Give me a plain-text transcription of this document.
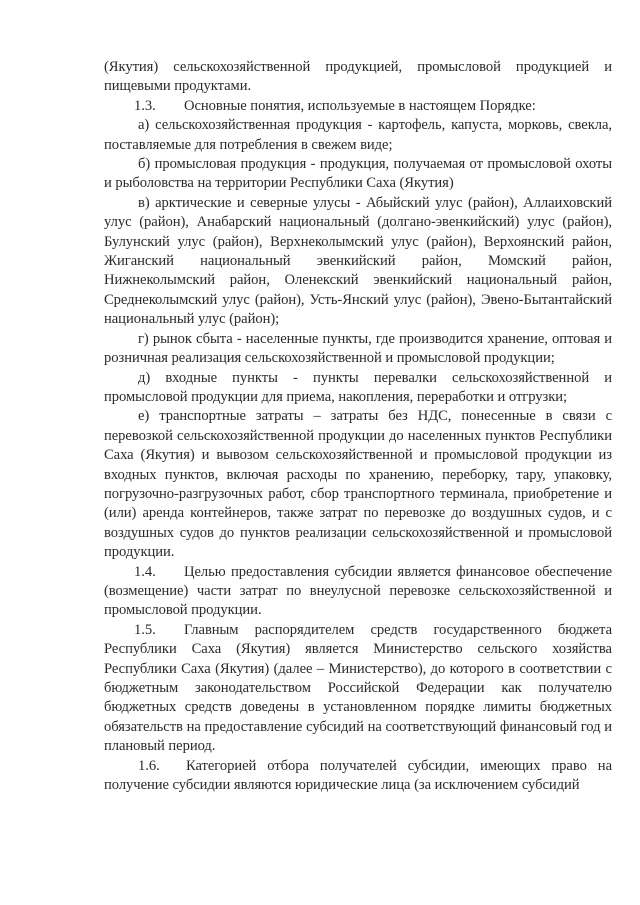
(Якутия) сельскохозяйственной продукцией, промысловой продукцией и пищевыми продуктами.

1.3. Основные понятия, используемые в настоящем Порядке:

а) сельскохозяйственная продукция - картофель, капуста, морковь, свекла, поставляемые для потребления в свежем виде;

б) промысловая продукция - продукция, получаемая от промысловой охоты и рыболовства на территории Республики Саха (Якутия)

в) арктические и северные улусы - Абыйский улус (район), Аллаиховский улус (район), Анабарский национальный (долгано-эвенкийский) улус (район), Булунский улус (район), Верхнеколымский улус (район), Верхоянский район, Жиганский национальный эвенкийский район, Момский район, Нижнеколымский район, Оленекский эвенкийский национальный район, Среднеколымский улус (район), Усть-Янский улус (район), Эвено-Бытантайский национальный улус (район);

г) рынок сбыта - населенные пункты, где производится хранение, оптовая и розничная реализация сельскохозяйственной и промысловой продукции;

д) входные пункты - пункты перевалки сельскохозяйственной и промысловой продукции для приема, накопления, переработки и отгрузки;

е) транспортные затраты – затраты без НДС, понесенные в связи с перевозкой сельскохозяйственной продукции до населенных пунктов Республики Саха (Якутия) и вывозом сельскохозяйственной и промысловой продукции из входных пунктов, включая расходы по хранению, переборку, тару, упаковку, погрузочно-разгрузочных работ, сбор транспортного терминала, приобретение и (или) аренда контейнеров, также затрат по перевозке до воздушных судов, и с воздушных судов до пунктов реализации сельскохозяйственной и промысловой продукции.

1.4. Целью предоставления субсидии является финансовое обеспечение (возмещение) части затрат по внеулусной перевозке сельскохозяйственной и промысловой продукции.

1.5. Главным распорядителем средств государственного бюджета Республики Саха (Якутия) является Министерство сельского хозяйства Республики Саха (Якутия) (далее – Министерство), до которого в соответствии с бюджетным законодательством Российской Федерации как получателю бюджетных средств доведены в установленном порядке лимиты бюджетных обязательств на предоставление субсидий на соответствующий финансовый год и плановый период.

1.6. Категорией отбора получателей субсидии, имеющих право на получение субсидии являются юридические лица (за исключением субсидий
